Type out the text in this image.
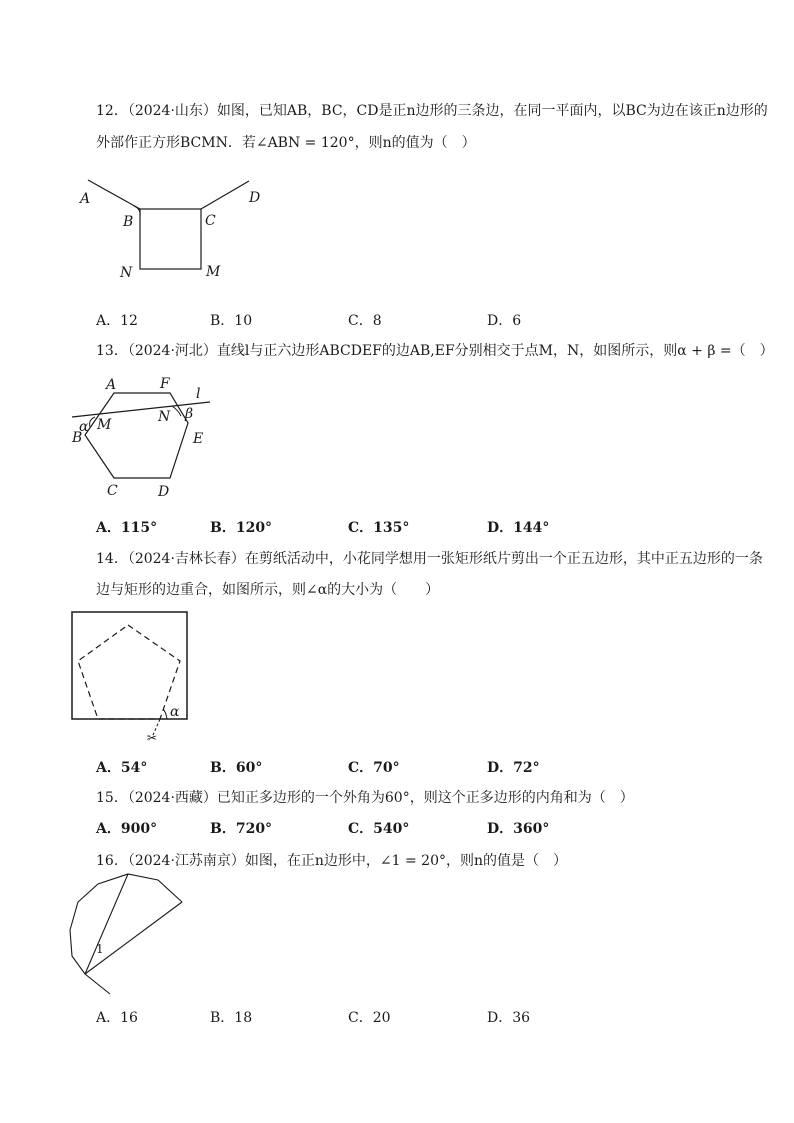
12．（2024·山东）如图，已知AB，BC，CD是正n边形的三条边，在同一平面内，以BC为边在该正n边形的
外部作正方形BCMN．若∠ABN = 120°，则n的值为（　）
A
B	C
D
N	M
A．12	B．10	C．8	D．6
13．（2024·河北）直线l与正六边形ABCDEF的边AB,EF分别相交于点M，N，如图所示，则α + β =（　）
A	F
l
M	N β
α
B	E
C	D
A．115°	B．120°	C．135°	D．144°
14．（2024·吉林长春）在剪纸活动中，小花同学想用一张矩形纸片剪出一个正五边形，其中正五边形的一条
边与矩形的边重合，如图所示，则∠α的大小为（　　）
α
✂
A．54°	B．60°	C．70°	D．72°
15．（2024·西藏）已知正多边形的一个外角为60°，则这个正多边形的内角和为（　）
A．900°	B．720°	C．540°	D．360°
16．（2024·江苏南京）如图，在正n边形中，∠1 = 20°，则n的值是（　）
1
A．16	B．18	C．20	D．36
